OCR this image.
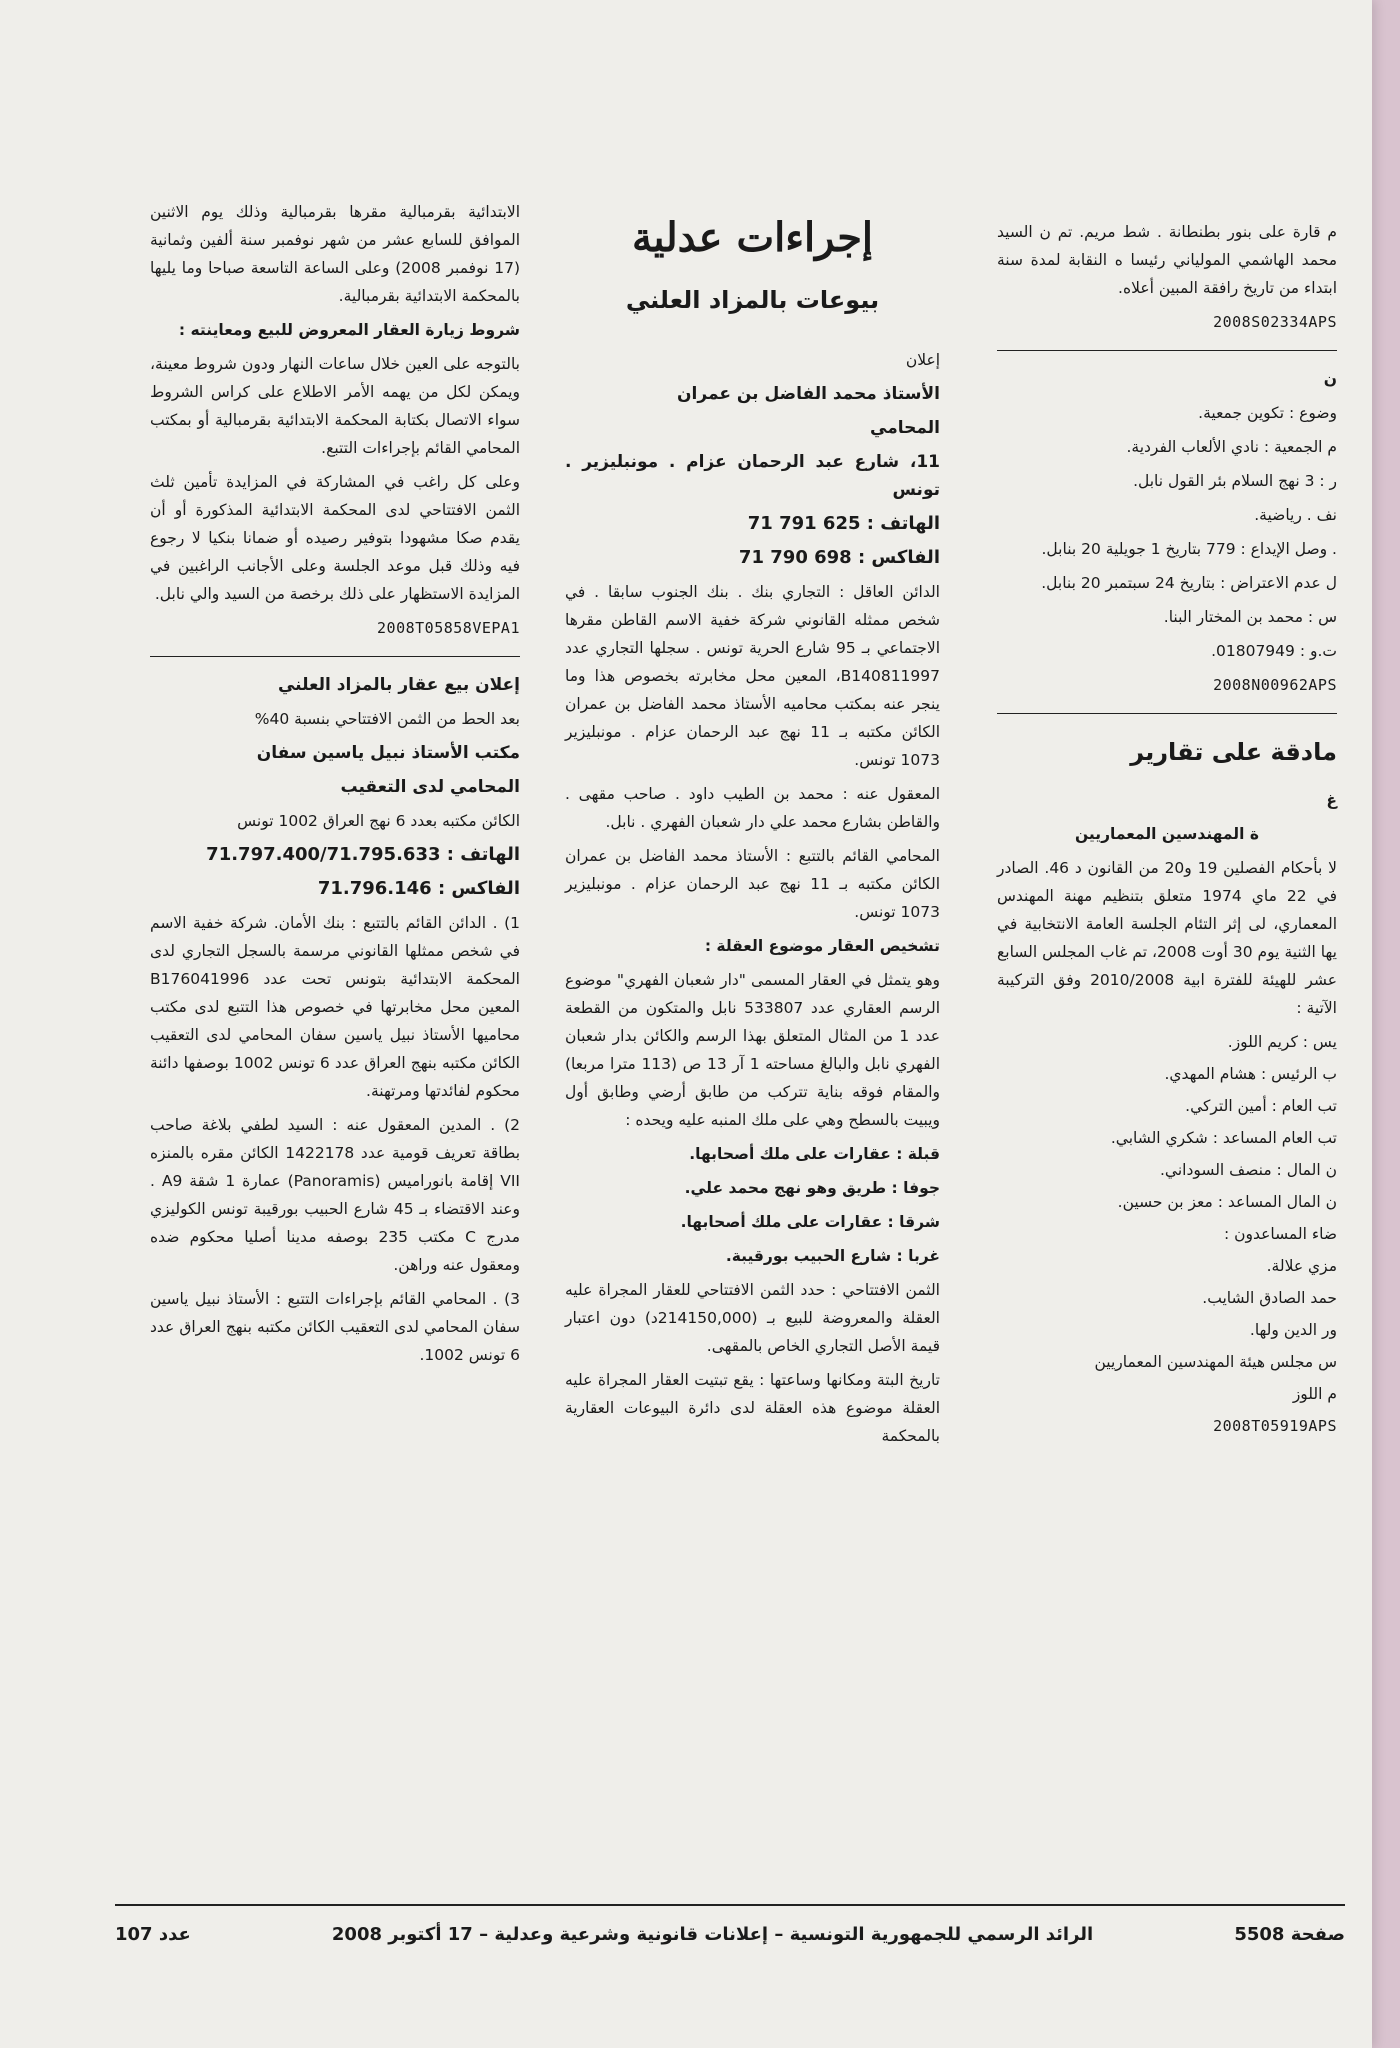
م قارة على بنور بطنطانة . شط مريم. تم ن السيد محمد الهاشمي المولياني رئيسا ه النقابة لمدة سنة ابتداء من تاريخ رافقة المبين أعلاه.

2008S02334APS

ن

وضوع : تكوين جمعية.

م الجمعية : نادي الألعاب الفردية.

ر : 3 نهج السلام بئر القول نابل.

نف . رياضية.

. وصل الإيداع : 779 بتاريخ 1 جويلية 20 بنابل.

ل عدم الاعتراض : بتاريخ 24 سبتمبر 20 بنابل.

س : محمد بن المختار البنا.

ت.و : 01807949.

2008N00962APS
مادقة على تقارير

غ

ة المهندسين المعماريين

لا بأحكام الفصلين 19 و20 من القانون د 46. الصادر في 22 ماي 1974 متعلق بتنظيم مهنة المهندس المعماري، لى إثر التئام الجلسة العامة الانتخابية في يها الثنية يوم 30 أوت 2008، تم غاب المجلس السابع عشر للهيئة للفترة ابية 2010/2008 وفق التركيبة الآتية :

يس : كريم اللوز.

ب الرئيس : هشام المهدي.

تب العام : أمين التركي.

تب العام المساعد : شكري الشابي.

ن المال : منصف السوداني.

ن المال المساعد : معز بن حسين.

ضاء المساعدون :

مزي علالة.

حمد الصادق الشايب.

ور الدين ولها.

س مجلس هيئة المهندسين المعماريين

م اللوز

2008T05919APS
إجراءات عدلية
بيوعات بالمزاد العلني

إعلان

الأستاذ محمد الفاضل بن عمران

المحامي

11، شارع عبد الرحمان عزام . مونبليزير . تونس

الهاتف : 625 791 71

الفاكس : 698 790 71

الدائن العاقل : التجاري بنك . بنك الجنوب سابقا . في شخص ممثله القانوني شركة خفية الاسم القاطن مقرها الاجتماعي بـ 95 شارع الحرية تونس . سجلها التجاري عدد B140811997، المعين محل مخابرته بخصوص هذا وما ينجر عنه بمكتب محاميه الأستاذ محمد الفاضل بن عمران الكائن مكتبه بـ 11 نهج عبد الرحمان عزام . مونبليزير 1073 تونس.

المعقول عنه : محمد بن الطيب داود . صاحب مقهى . والقاطن بشارع محمد علي دار شعبان الفهري . نابل.

المحامي القائم بالتتبع : الأستاذ محمد الفاضل بن عمران الكائن مكتبه بـ 11 نهج عبد الرحمان عزام . مونبليزير 1073 تونس.

تشخيص العقار موضوع العقلة :

وهو يتمثل في العقار المسمى "دار شعبان الفهري" موضوع الرسم العقاري عدد 533807 نابل والمتكون من القطعة عدد 1 من المثال المتعلق بهذا الرسم والكائن بدار شعبان الفهري نابل والبالغ مساحته 1 آر 13 ص (113 مترا مربعا) والمقام فوقه بناية تتركب من طابق أرضي وطابق أول ويبيت بالسطح وهي على ملك المنبه عليه ويحده :

قبلة : عقارات على ملك أصحابها.

جوفا : طريق وهو نهج محمد علي.

شرقا : عقارات على ملك أصحابها.

غربا : شارع الحبيب بورقيبة.

الثمن الافتتاحي : حدد الثمن الافتتاحي للعقار المجراة عليه العقلة والمعروضة للبيع بـ (214150,000د) دون اعتبار قيمة الأصل التجاري الخاص بالمقهى.

تاريخ البتة ومكانها وساعتها : يقع تبتيت العقار المجراة عليه العقلة موضوع هذه العقلة لدى دائرة البيوعات العقارية بالمحكمة

الابتدائية بقرمبالية مقرها بقرمبالية وذلك يوم الاثنين الموافق للسابع عشر من شهر نوفمبر سنة ألفين وثمانية (17 نوفمبر 2008) وعلى الساعة التاسعة صباحا وما يليها بالمحكمة الابتدائية بقرمبالية.

شروط زيارة العقار المعروض للبيع ومعاينته :

بالتوجه على العين خلال ساعات النهار ودون شروط معينة، ويمكن لكل من يهمه الأمر الاطلاع على كراس الشروط سواء الاتصال بكتابة المحكمة الابتدائية بقرمبالية أو بمكتب المحامي القائم بإجراءات التتبع.

وعلى كل راغب في المشاركة في المزايدة تأمين ثلث الثمن الافتتاحي لدى المحكمة الابتدائية المذكورة أو أن يقدم صكا مشهودا بتوفير رصيده أو ضمانا بنكيا لا رجوع فيه وذلك قبل موعد الجلسة وعلى الأجانب الراغبين في المزايدة الاستظهار على ذلك برخصة من السيد والي نابل.

2008T05858VEPA1

إعلان بيع عقار بالمزاد العلني

بعد الحط من الثمن الافتتاحي بنسبة 40%

مكتب الأستاذ نبيل ياسين سفان

المحامي لدى التعقيب

الكائن مكتبه بعدد 6 نهج العراق 1002 تونس

الهاتف : 71.797.400/71.795.633

الفاكس : 71.796.146

1) . الدائن القائم بالتتبع : بنك الأمان. شركة خفية الاسم في شخص ممثلها القانوني مرسمة بالسجل التجاري لدى المحكمة الابتدائية بتونس تحت عدد B176041996 المعين محل مخابرتها في خصوص هذا التتبع لدى مكتب محاميها الأستاذ نبيل ياسين سفان المحامي لدى التعقيب الكائن مكتبه بنهج العراق عدد 6 تونس 1002 بوصفها دائنة محكوم لفائدتها ومرتهنة.

2) . المدين المعقول عنه : السيد لطفي بلاغة صاحب بطاقة تعريف قومية عدد 1422178 الكائن مقره بالمنزه VII إقامة بانوراميس (Panoramis) عمارة 1 شقة A9 . وعند الاقتضاء بـ 45 شارع الحبيب بورقيبة تونس الكوليزي مدرج C مكتب 235 بوصفه مدينا أصليا محكوم ضده ومعقول عنه وراهن.

3) . المحامي القائم بإجراءات التتبع : الأستاذ نبيل ياسين سفان المحامي لدى التعقيب الكائن مكتبه بنهج العراق عدد 6 تونس 1002.

عدد 107	الرائد الرسمي للجمهورية التونسية – إعلانات قانونية وشرعية وعدلية – 17 أكتوبر 2008	صفحة 5508
